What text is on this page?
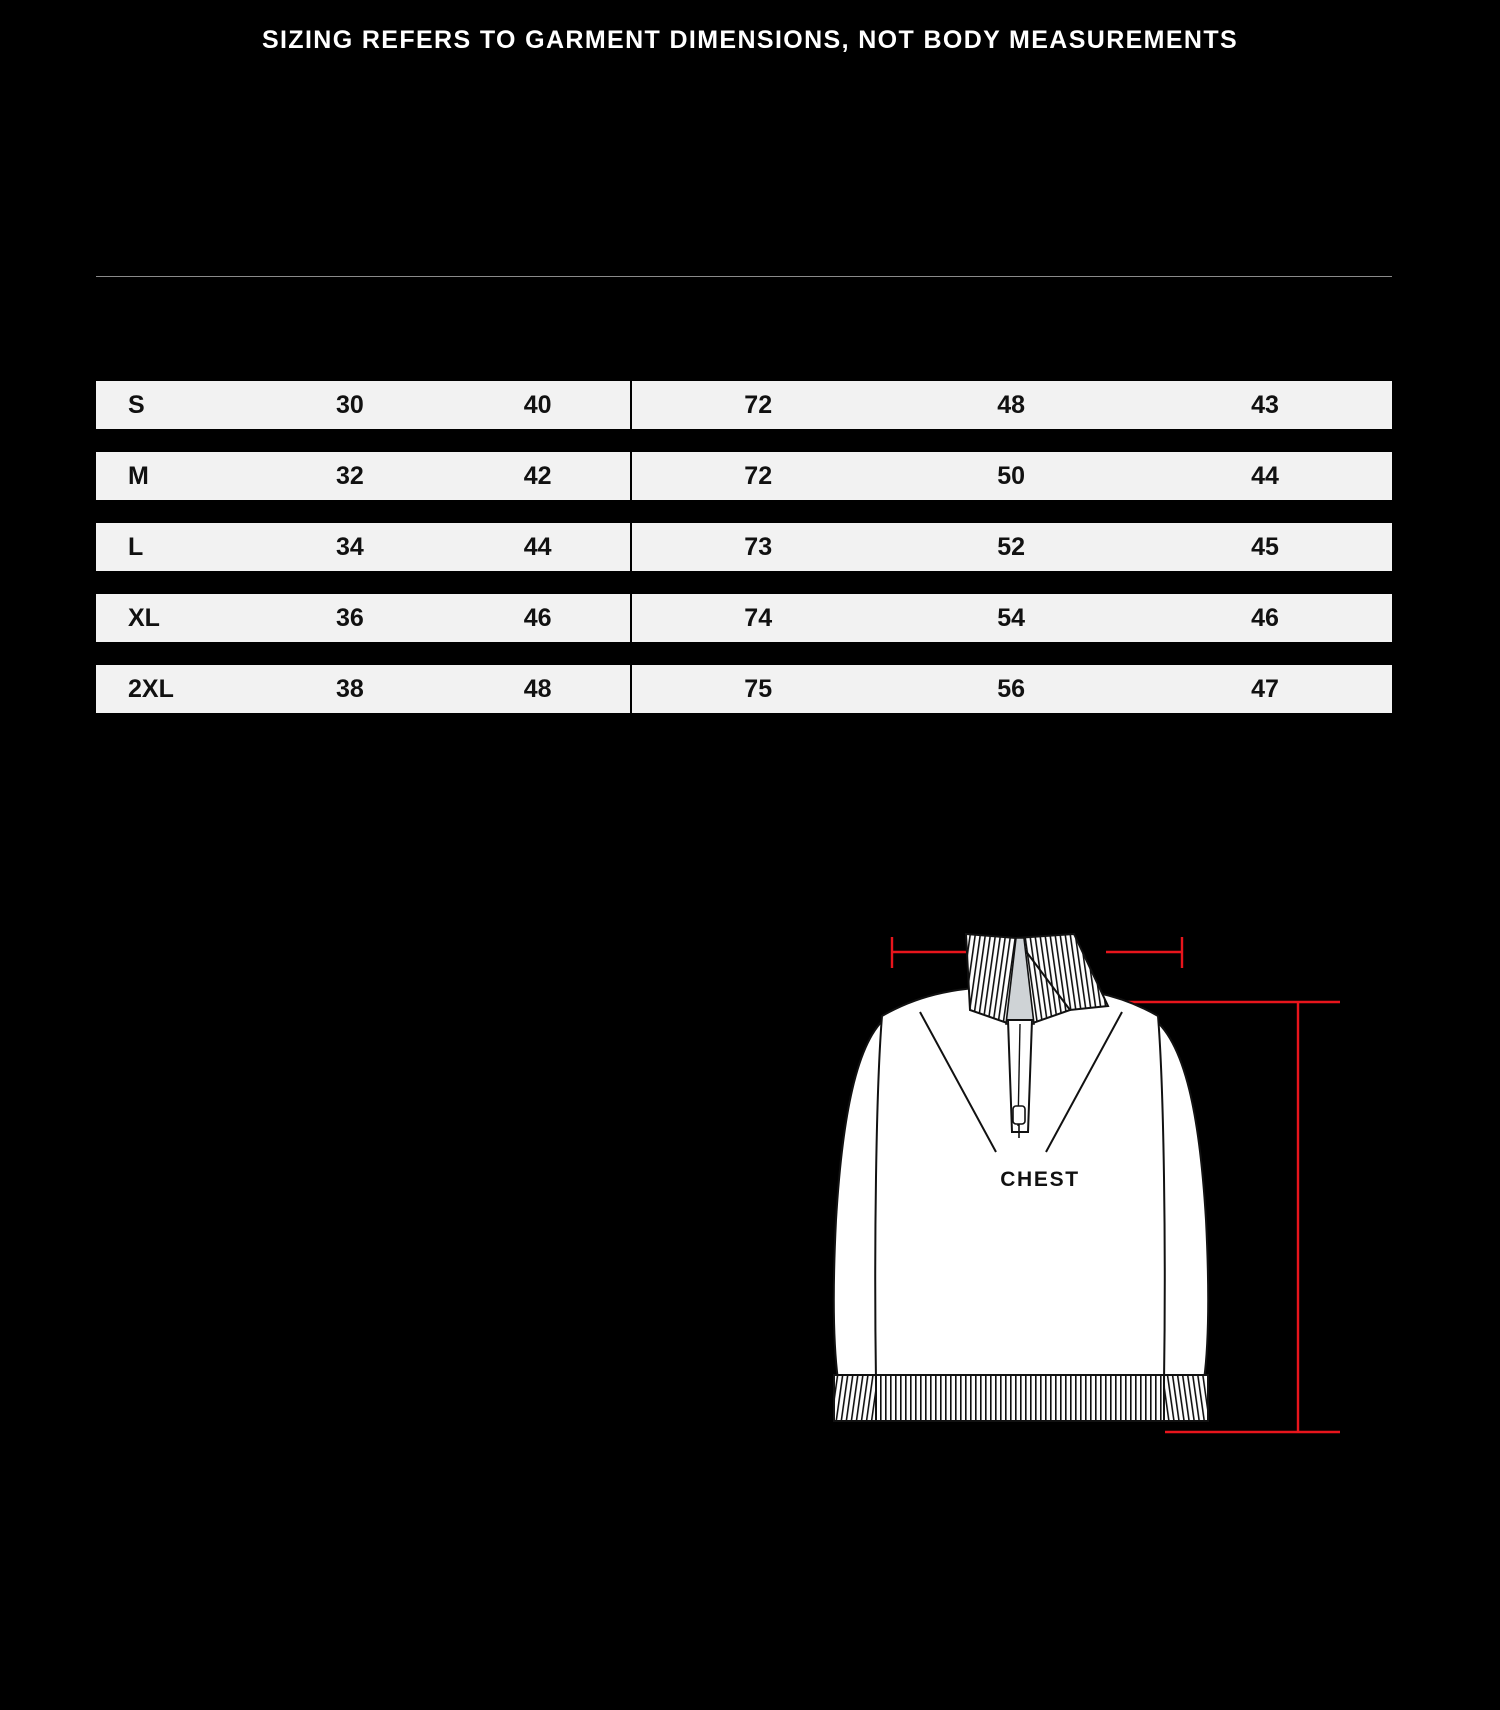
SIZING REFERS TO GARMENT DIMENSIONS, NOT BODY MEASUREMENTS
S	30	40	72	48	43
M	32	42	72	50	44
L	34	44	73	52	45
XL	36	46	74	54	46
2XL	38	48	75	56	47
CHEST
